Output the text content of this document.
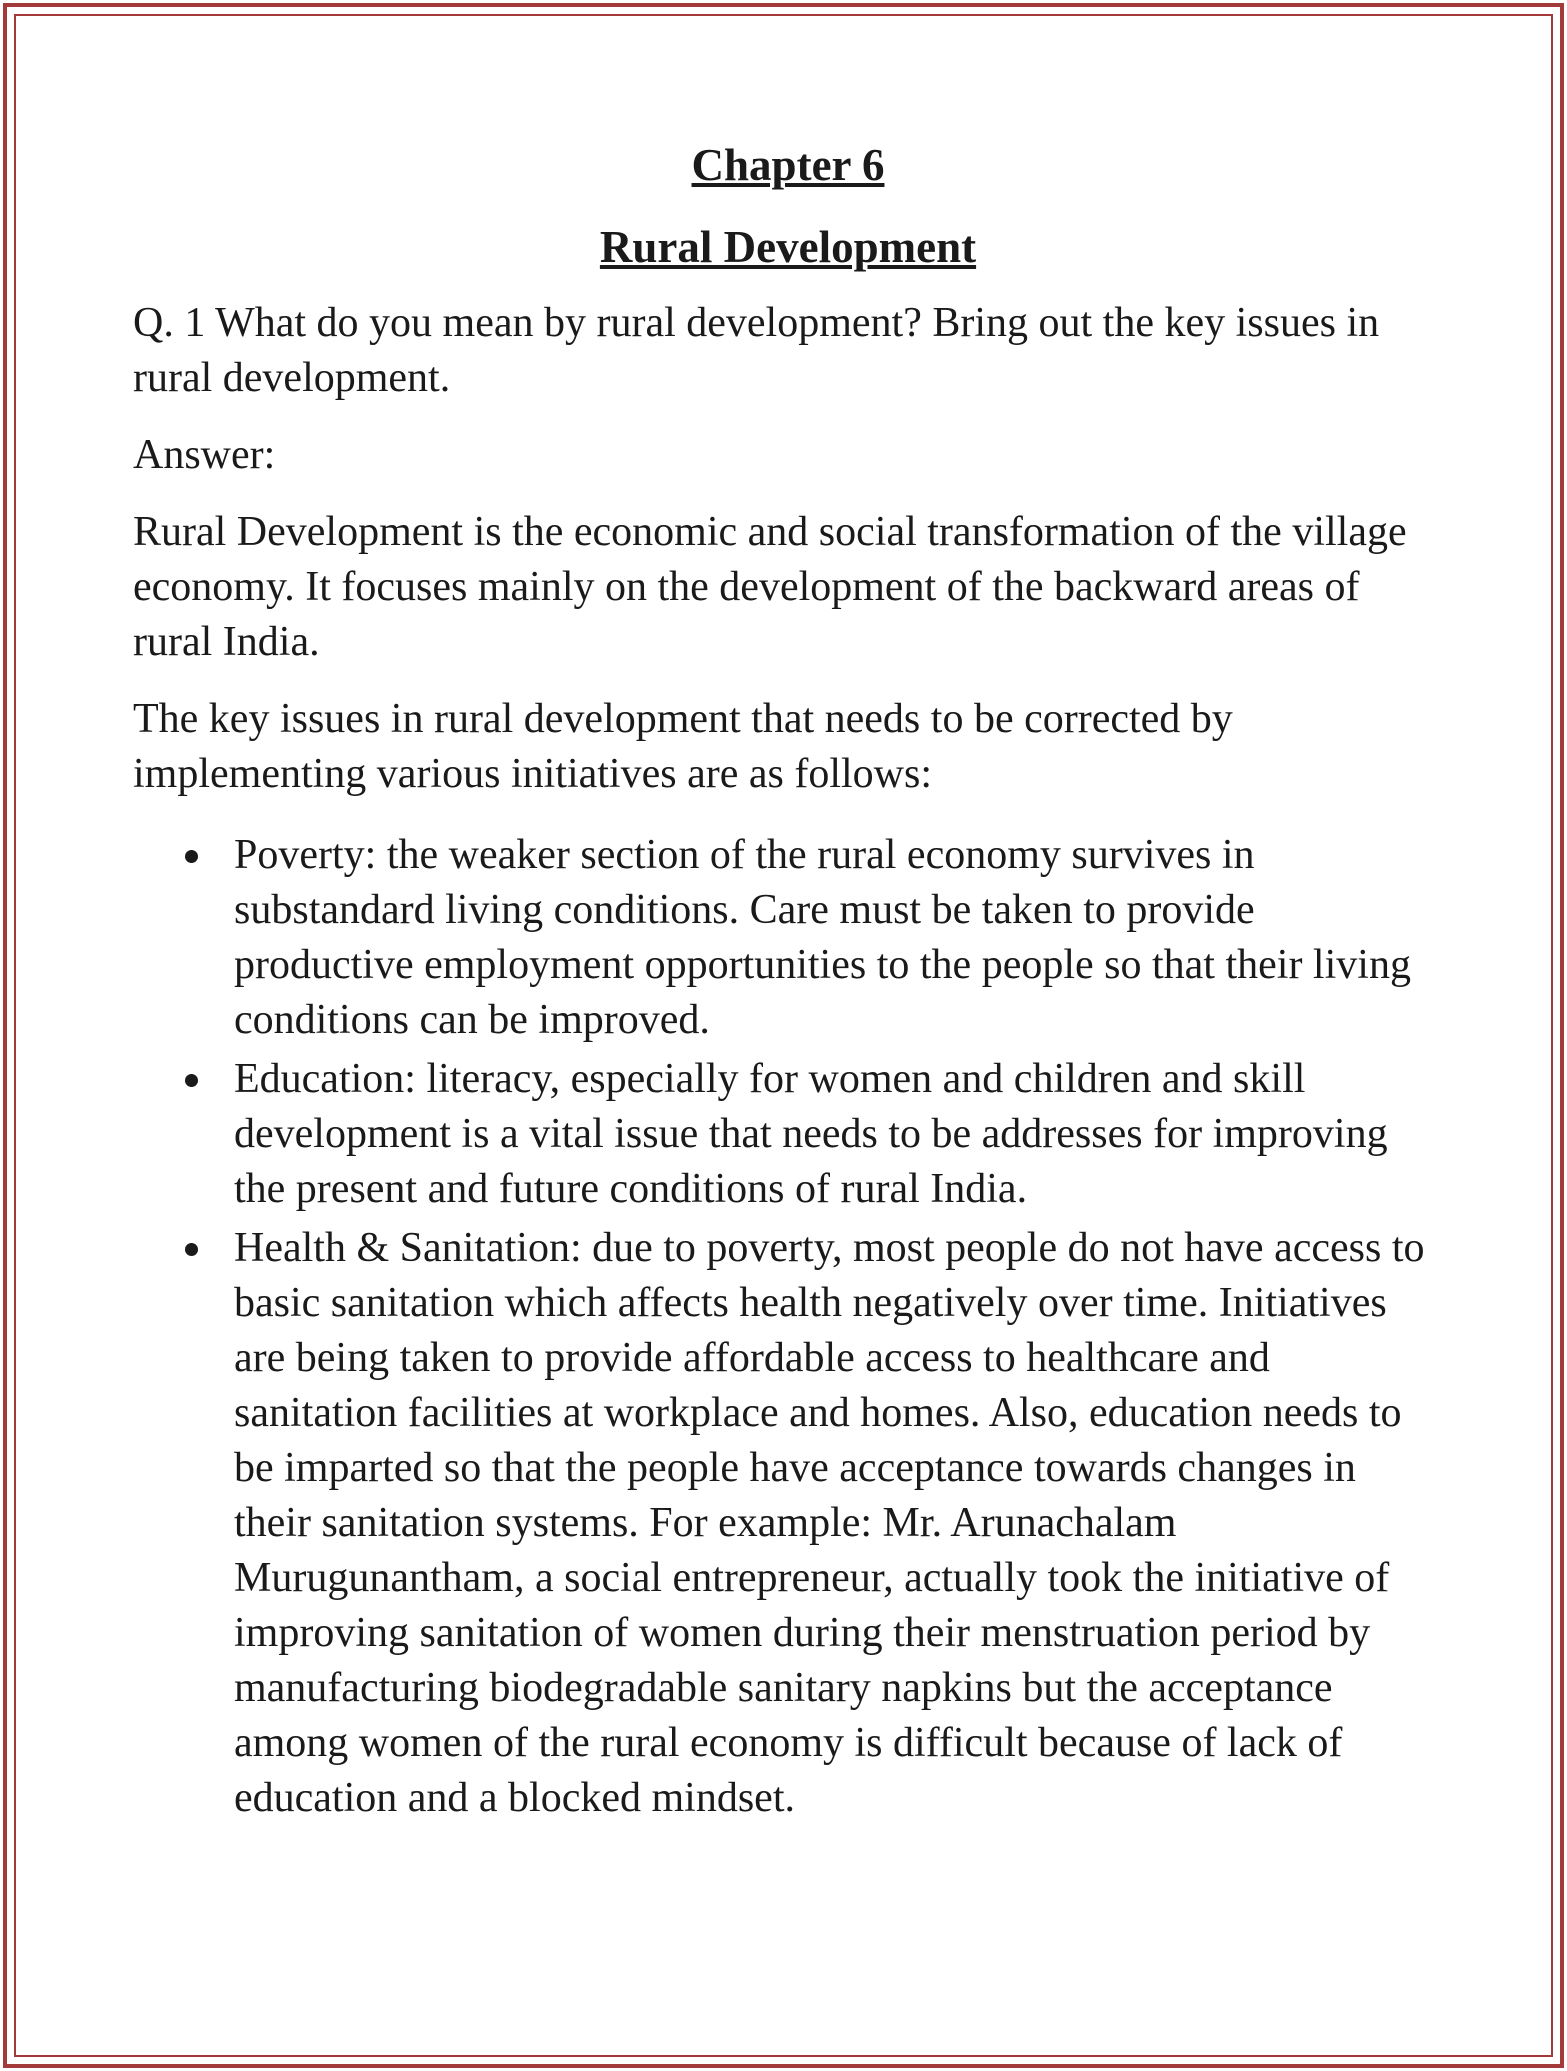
Chapter 6
Rural Development

Q. 1 What do you mean by rural development? Bring out the key issues in rural development.

Answer:

Rural Development is the economic and social transformation of the village economy. It focuses mainly on the development of the backward areas of rural India.

The key issues in rural development that needs to be corrected by implementing various initiatives are as follows:

Poverty: the weaker section of the rural economy survives in substandard living conditions. Care must be taken to provide productive employment opportunities to the people so that their living conditions can be improved.
Education: literacy, especially for women and children and skill development is a vital issue that needs to be addresses for improving the present and future conditions of rural India.
Health & Sanitation: due to poverty, most people do not have access to basic sanitation which affects health negatively over time. Initiatives are being taken to provide affordable access to healthcare and sanitation facilities at workplace and homes. Also, education needs to be imparted so that the people have acceptance towards changes in their sanitation systems. For example: Mr. Arunachalam Murugunantham, a social entrepreneur, actually took the initiative of improving sanitation of women during their menstruation period by manufacturing biodegradable sanitary napkins but the acceptance among women of the rural economy is difficult because of lack of education and a blocked mindset.
